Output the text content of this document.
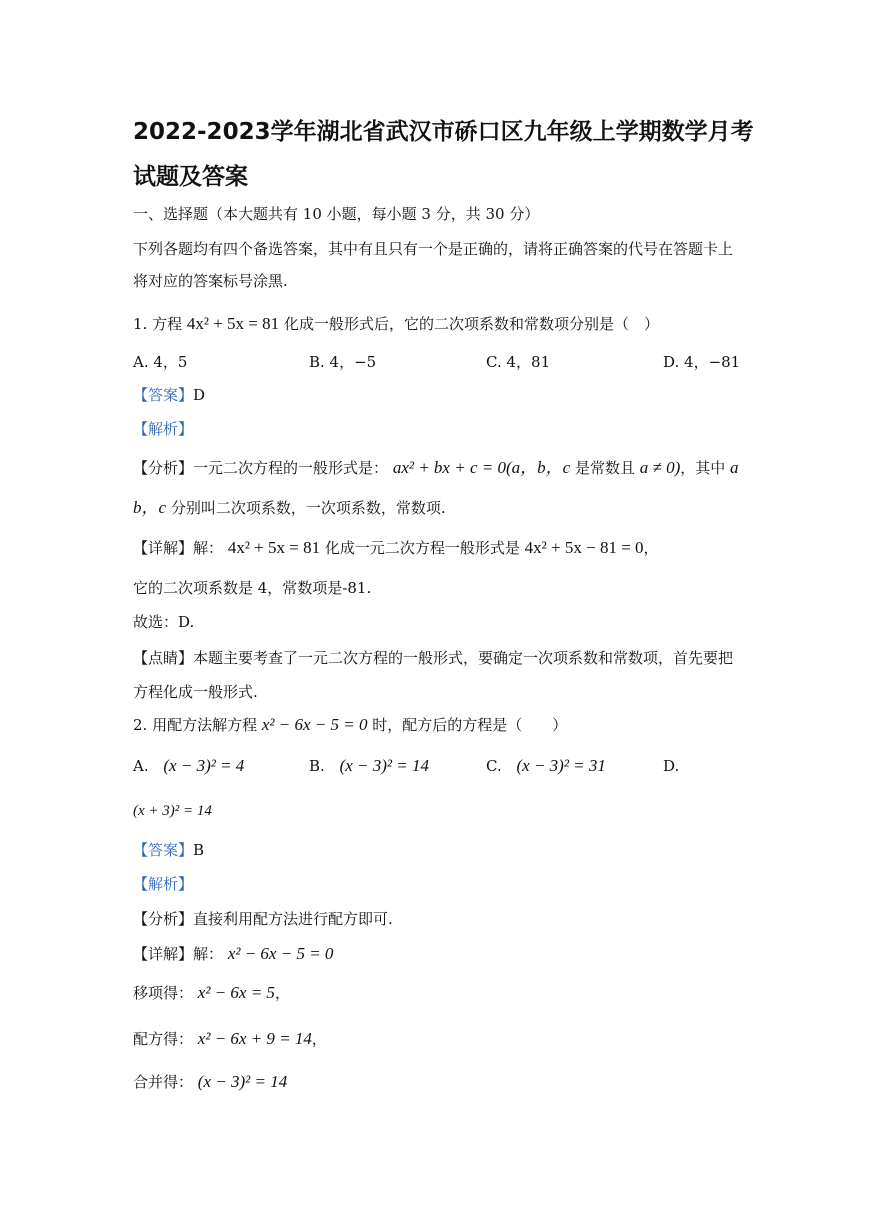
2022-2023学年湖北省武汉市硚口区九年级上学期数学月考
试题及答案
一、选择题（本大题共有 10 小题，每小题 3 分，共 30 分）
下列各题均有四个备选答案，其中有且只有一个是正确的，请将正确答案的代号在答题卡上
将对应的答案标号涂黑.
1. 方程 4x² + 5x = 81 化成一般形式后，它的二次项系数和常数项分别是（　）
A. 4，5	B. 4，−5	C. 4，81	D. 4，−81
【答案】D
【解析】
【分析】一元二次方程的一般形式是： ax² + bx + c = 0(a，b，c 是常数且 a ≠ 0)，其中 a
b，c 分别叫二次项系数，一次项系数，常数项.
【详解】解： 4x² + 5x = 81 化成一元二次方程一般形式是 4x² + 5x − 81 = 0，
它的二次项系数是 4，常数项是-81.
故选：D.
【点睛】本题主要考查了一元二次方程的一般形式，要确定一次项系数和常数项，首先要把
方程化成一般形式.
2. 用配方法解方程 x² − 6x − 5 = 0 时，配方后的方程是（　　）
A. (x − 3)² = 4	B. (x − 3)² = 14	C. (x − 3)² = 31	D.
(x + 3)² = 14
【答案】B
【解析】
【分析】直接利用配方法进行配方即可.
【详解】解： x² − 6x − 5 = 0
移项得： x² − 6x = 5，
配方得： x² − 6x + 9 = 14，
合并得： (x − 3)² = 14
